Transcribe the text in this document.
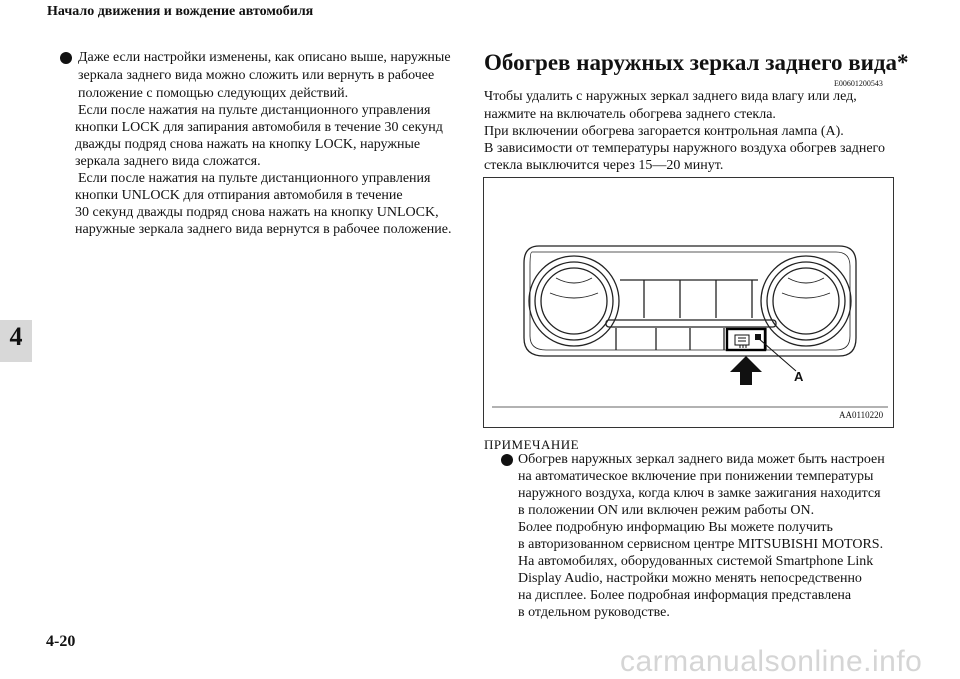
Начало движения и вождение автомобиля
4
Даже если настройки изменены, как описано выше, наружные
зеркала заднего вида можно сложить или вернуть в рабочее
положение с помощью следующих действий.
Если после нажатия на пульте дистанционного управления
кнопки LOCK для запирания автомобиля в течение 30 секунд
дважды подряд снова нажать на кнопку LOCK, наружные
зеркала заднего вида сложатся.
Если после нажатия на пульте дистанционного управления
кнопки UNLOCK для отпирания автомобиля в течение
30 секунд дважды подряд снова нажать на кнопку UNLOCK,
наружные зеркала заднего вида вернутся в рабочее положение.
Обогрев наружных зеркал заднего вида*
E00601200543
Чтобы удалить с наружных зеркал заднего вида влагу или лед,
нажмите на включатель обогрева заднего стекла.
При включении обогрева загорается контрольная лампа (A).
В зависимости от температуры наружного воздуха обогрев заднего
стекла выключится через 15—20 минут.
A
AA0110220
ПРИМЕЧАНИЕ
Обогрев наружных зеркал заднего вида может быть настроен
на автоматическое включение при понижении температуры
наружного воздуха, когда ключ в замке зажигания находится
в положении ON или включен режим работы ON.
Более подробную информацию Вы можете получить
в авторизованном сервисном центре MITSUBISHI MOTORS.
На автомобилях, оборудованных системой Smartphone Link
Display Audio, настройки можно менять непосредственно
на дисплее. Более подробная информация представлена
в отдельном руководстве.
4-20
carmanualsonline.info
